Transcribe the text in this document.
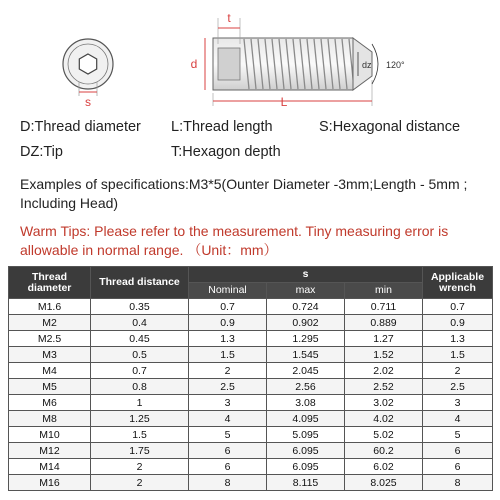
s
t
d
L
dz 120°
D:Thread diameter L:Thread length	S:Hexagonal distance
DZ:Tip	T:Hexagon depth
Examples of specifications:M3*5(Ounter Diameter -3mm;Length - 5mm ; Including Head)
Warm Tips: Please refer to the measurement. Tiny measuring error is allowable in normal range. （Unit：mm）
Thread diameter	Thread distance	s			Applicable wrench
		Nominal	max	min	
M1.6	0.35	0.7	0.724	0.711	0.7
M2	0.4	0.9	0.902	0.889	0.9
M2.5	0.45	1.3	1.295	1.27	1.3
M3	0.5	1.5	1.545	1.52	1.5
M4	0.7	2	2.045	2.02	2
M5	0.8	2.5	2.56	2.52	2.5
M6	1	3	3.08	3.02	3
M8	1.25	4	4.095	4.02	4
M10	1.5	5	5.095	5.02	5
M12	1.75	6	6.095	60.2	6
M14	2	6	6.095	6.02	6
M16	2	8	8.115	8.025	8
